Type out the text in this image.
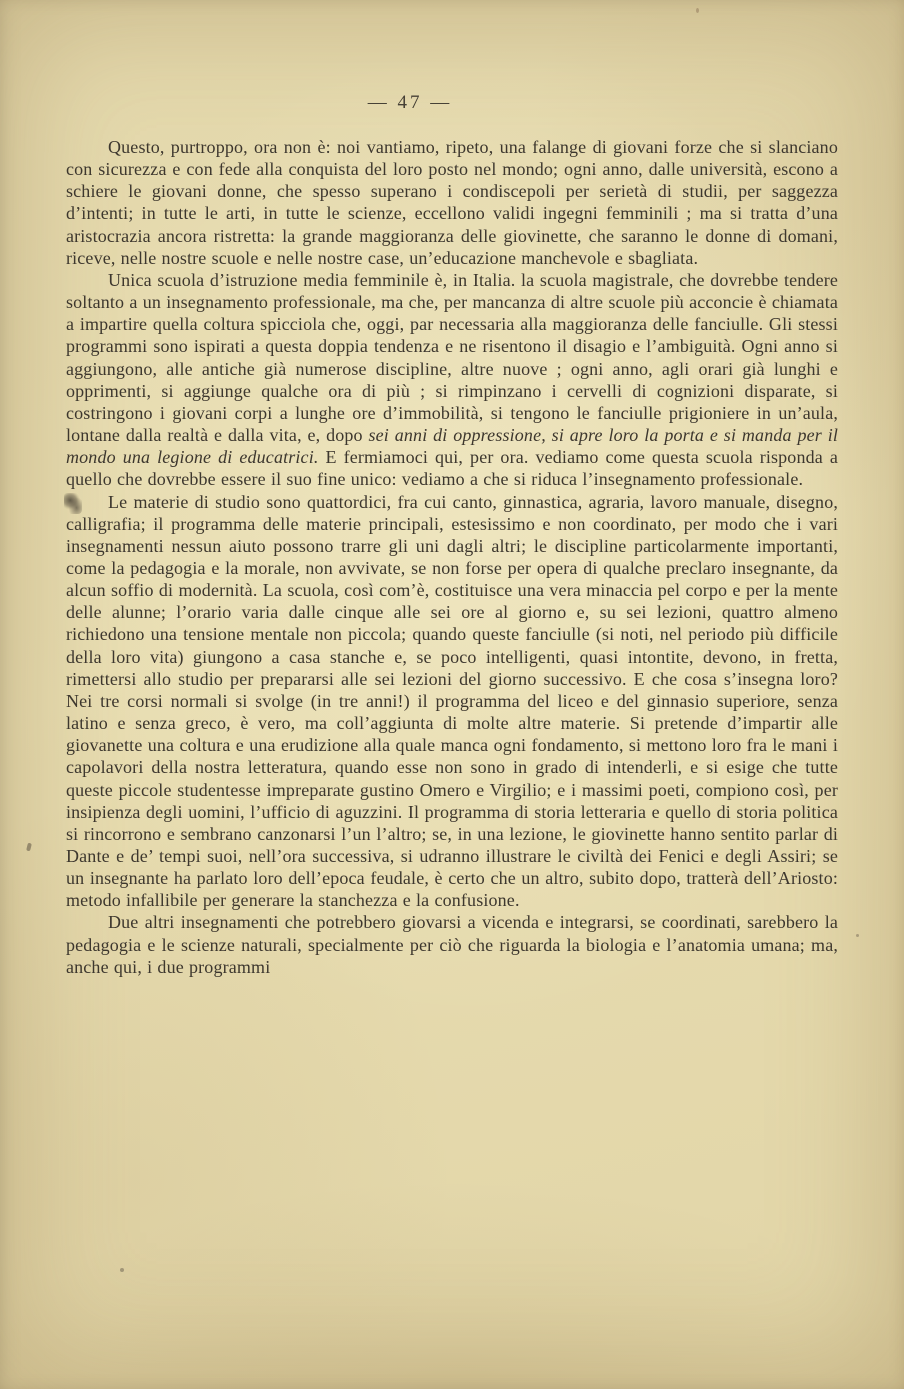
— 47 —

Questo, purtroppo, ora non è: noi vantiamo, ripeto, una falange di giovani forze che si slanciano con sicurezza e con fede alla conquista del loro posto nel mondo; ogni anno, dalle università, escono a schiere le giovani donne, che spesso superano i condiscepoli per serietà di studii, per saggezza d’intenti; in tutte le arti, in tutte le scienze, eccellono validi ingegni femminili ; ma si tratta d’una aristocrazia ancora ristretta: la grande maggioranza delle giovinette, che saranno le donne di domani, riceve, nelle nostre scuole e nelle nostre case, un’educazione manchevole e sbagliata.

Unica scuola d’istruzione media femminile è, in Italia. la scuola magistrale, che dovrebbe tendere soltanto a un insegnamento professionale, ma che, per mancanza di altre scuole più acconcie è chiamata a impartire quella coltura spicciola che, oggi, par necessaria alla maggioranza delle fanciulle. Gli stessi programmi sono ispirati a questa doppia tendenza e ne risentono il disagio e l’ambiguità. Ogni anno si aggiungono, alle antiche già numerose discipline, altre nuove ; ogni anno, agli orari già lunghi e opprimenti, si aggiunge qualche ora di più ; si rimpinzano i cervelli di cognizioni disparate, si costringono i giovani corpi a lunghe ore d’immobilità, si tengono le fanciulle prigioniere in un’aula, lontane dalla realtà e dalla vita, e, dopo sei anni di oppressione, si apre loro la porta e si manda per il mondo una legione di educatrici. E fermiamoci qui, per ora. vediamo come questa scuola risponda a quello che dovrebbe essere il suo fine unico: vediamo a che si riduca l’insegnamento professionale.

Le materie di studio sono quattordici, fra cui canto, ginnastica, agraria, lavoro manuale, disegno, calligrafia; il programma delle materie principali, estesissimo e non coordinato, per modo che i vari insegnamenti nessun aiuto possono trarre gli uni dagli altri; le discipline particolarmente importanti, come la pedagogia e la morale, non avvivate, se non forse per opera di qualche preclaro insegnante, da alcun soffio di modernità. La scuola, così com’è, costituisce una vera minaccia pel corpo e per la mente delle alunne; l’orario varia dalle cinque alle sei ore al giorno e, su sei lezioni, quattro almeno richiedono una tensione mentale non piccola; quando queste fanciulle (si noti, nel periodo più difficile della loro vita) giungono a casa stanche e, se poco intelligenti, quasi intontite, devono, in fretta, rimettersi allo studio per prepararsi alle sei lezioni del giorno successivo. E che cosa s’insegna loro? Nei tre corsi normali si svolge (in tre anni!) il programma del liceo e del ginnasio superiore, senza latino e senza greco, è vero, ma coll’aggiunta di molte altre materie. Si pretende d’impartir alle giovanette una coltura e una erudizione alla quale manca ogni fondamento, si mettono loro fra le mani i capolavori della nostra letteratura, quando esse non sono in grado di intenderli, e si esige che tutte queste piccole studentesse impreparate gustino Omero e Virgilio; e i massimi poeti, compiono così, per insipienza degli uomini, l’ufficio di aguzzini. Il programma di storia letteraria e quello di storia politica si rincorrono e sembrano canzonarsi l’un l’altro; se, in una lezione, le giovinette hanno sentito parlar di Dante e de’ tempi suoi, nell’ora successiva, si udranno illustrare le civiltà dei Fenici e degli Assiri; se un insegnante ha parlato loro dell’epoca feudale, è certo che un altro, subito dopo, tratterà dell’Ariosto: metodo infallibile per generare la stanchezza e la confusione.

Due altri insegnamenti che potrebbero giovarsi a vicenda e integrarsi, se coordinati, sarebbero la pedagogia e le scienze naturali, specialmente per ciò che riguarda la biologia e l’anatomia umana; ma, anche qui, i due programmi
